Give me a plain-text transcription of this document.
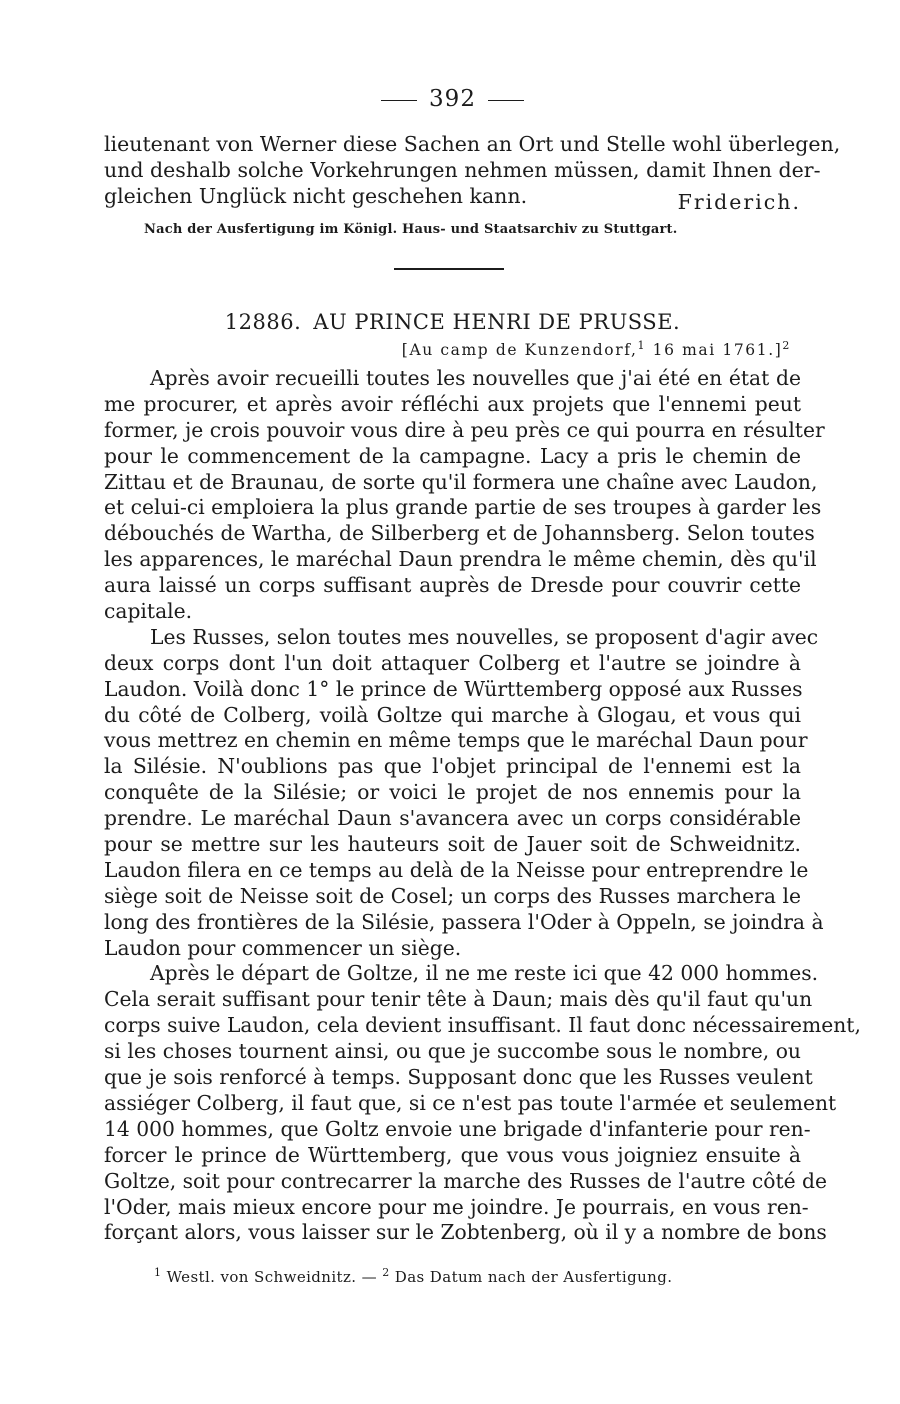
392
lieutenant von Werner diese Sachen an Ort und Stelle wohl überlegen,
und deshalb solche Vorkehrungen nehmen müssen, damit Ihnen der-
gleichen Unglück nicht geschehen kann.	Friderich.
Nach der Ausfertigung im Königl. Haus- und Staatsarchiv zu Stuttgart.
12886. AU PRINCE HENRI DE PRUSSE.
[Au camp de Kunzendorf,$^1$ 16 mai 1761.]$^2$
Après avoir recueilli toutes les nouvelles que j'ai été en état de
me procurer, et après avoir réfléchi aux projets que l'ennemi peut
former, je crois pouvoir vous dire à peu près ce qui pourra en résulter
pour le commencement de la campagne. Lacy a pris le chemin de
Zittau et de Braunau, de sorte qu'il formera une chaîne avec Laudon,
et celui-ci emploiera la plus grande partie de ses troupes à garder les
débouchés de Wartha, de Silberberg et de Johannsberg. Selon toutes
les apparences, le maréchal Daun prendra le même chemin, dès qu'il
aura laissé un corps suffisant auprès de Dresde pour couvrir cette
capitale.
Les Russes, selon toutes mes nouvelles, se proposent d'agir avec
deux corps dont l'un doit attaquer Colberg et l'autre se joindre à
Laudon. Voilà donc 1° le prince de Württemberg opposé aux Russes
du côté de Colberg, voilà Goltze qui marche à Glogau, et vous qui
vous mettrez en chemin en même temps que le maréchal Daun pour
la Silésie. N'oublions pas que l'objet principal de l'ennemi est la
conquête de la Silésie; or voici le projet de nos ennemis pour la
prendre. Le maréchal Daun s'avancera avec un corps considérable
pour se mettre sur les hauteurs soit de Jauer soit de Schweidnitz.
Laudon filera en ce temps au delà de la Neisse pour entreprendre le
siège soit de Neisse soit de Cosel; un corps des Russes marchera le
long des frontières de la Silésie, passera l'Oder à Oppeln, se joindra à
Laudon pour commencer un siège.
Après le départ de Goltze, il ne me reste ici que 42 000 hommes.
Cela serait suffisant pour tenir tête à Daun; mais dès qu'il faut qu'un
corps suive Laudon, cela devient insuffisant. Il faut donc nécessairement,
si les choses tournent ainsi, ou que je succombe sous le nombre, ou
que je sois renforcé à temps. Supposant donc que les Russes veulent
assiéger Colberg, il faut que, si ce n'est pas toute l'armée et seulement
14 000 hommes, que Goltz envoie une brigade d'infanterie pour ren-
forcer le prince de Württemberg, que vous vous joigniez ensuite à
Goltze, soit pour contrecarrer la marche des Russes de l'autre côté de
l'Oder, mais mieux encore pour me joindre. Je pourrais, en vous ren-
forçant alors, vous laisser sur le Zobtenberg, où il y a nombre de bons
$^1$ Westl. von Schweidnitz. — $^2$ Das Datum nach der Ausfertigung.
